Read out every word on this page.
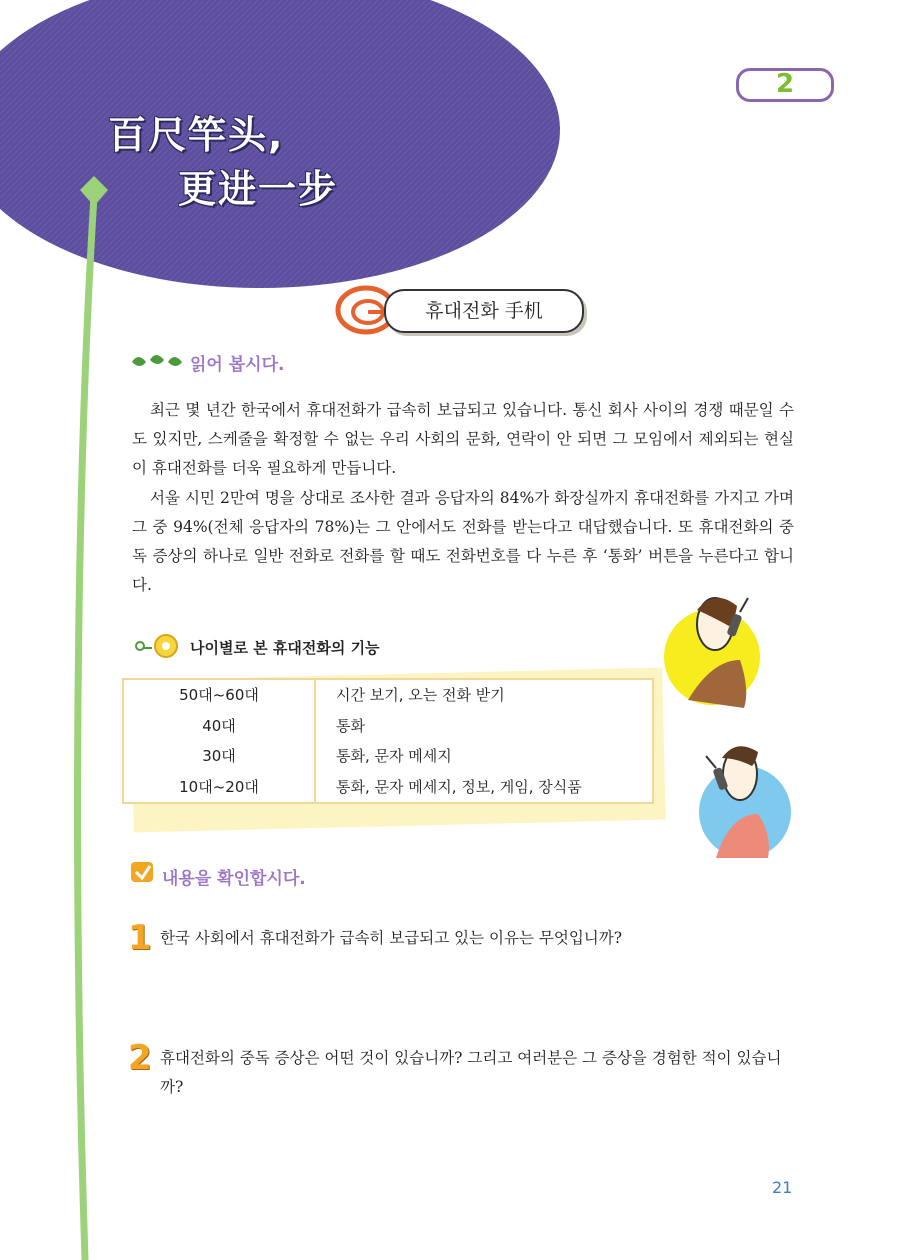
百尺竿头,
更进一步
2
휴대전화 手机
읽어 봅시다.

최근 몇 년간 한국에서 휴대전화가 급속히 보급되고 있습니다. 통신 회사 사이의 경쟁 때문일 수도 있지만, 스케줄을 확정할 수 없는 우리 사회의 문화, 연락이 안 되면 그 모임에서 제외되는 현실이 휴대전화를 더욱 필요하게 만듭니다.

서울 시민 2만여 명을 상대로 조사한 결과 응답자의 84%가 화장실까지 휴대전화를 가지고 가며 그 중 94%(전체 응답자의 78%)는 그 안에서도 전화를 받는다고 대답했습니다. 또 휴대전화의 중독 증상의 하나로 일반 전화로 전화를 할 때도 전화번호를 다 누른 후 ‘통화’ 버튼을 누른다고 합니다.

나이별로 본 휴대전화의 기능
50대~60대	시간 보기, 오는 전화 받기
40대	통화
30대	통화, 문자 메세지
10대~20대	통화, 문자 메세지, 정보, 게임, 장식품
내용을 확인합시다.
1 한국 사회에서 휴대전화가 급속히 보급되고 있는 이유는 무엇입니까?

2 휴대전화의 중독 증상은 어떤 것이 있습니까? 그리고 여러분은 그 증상을 경험한 적이 있습니까?

21
